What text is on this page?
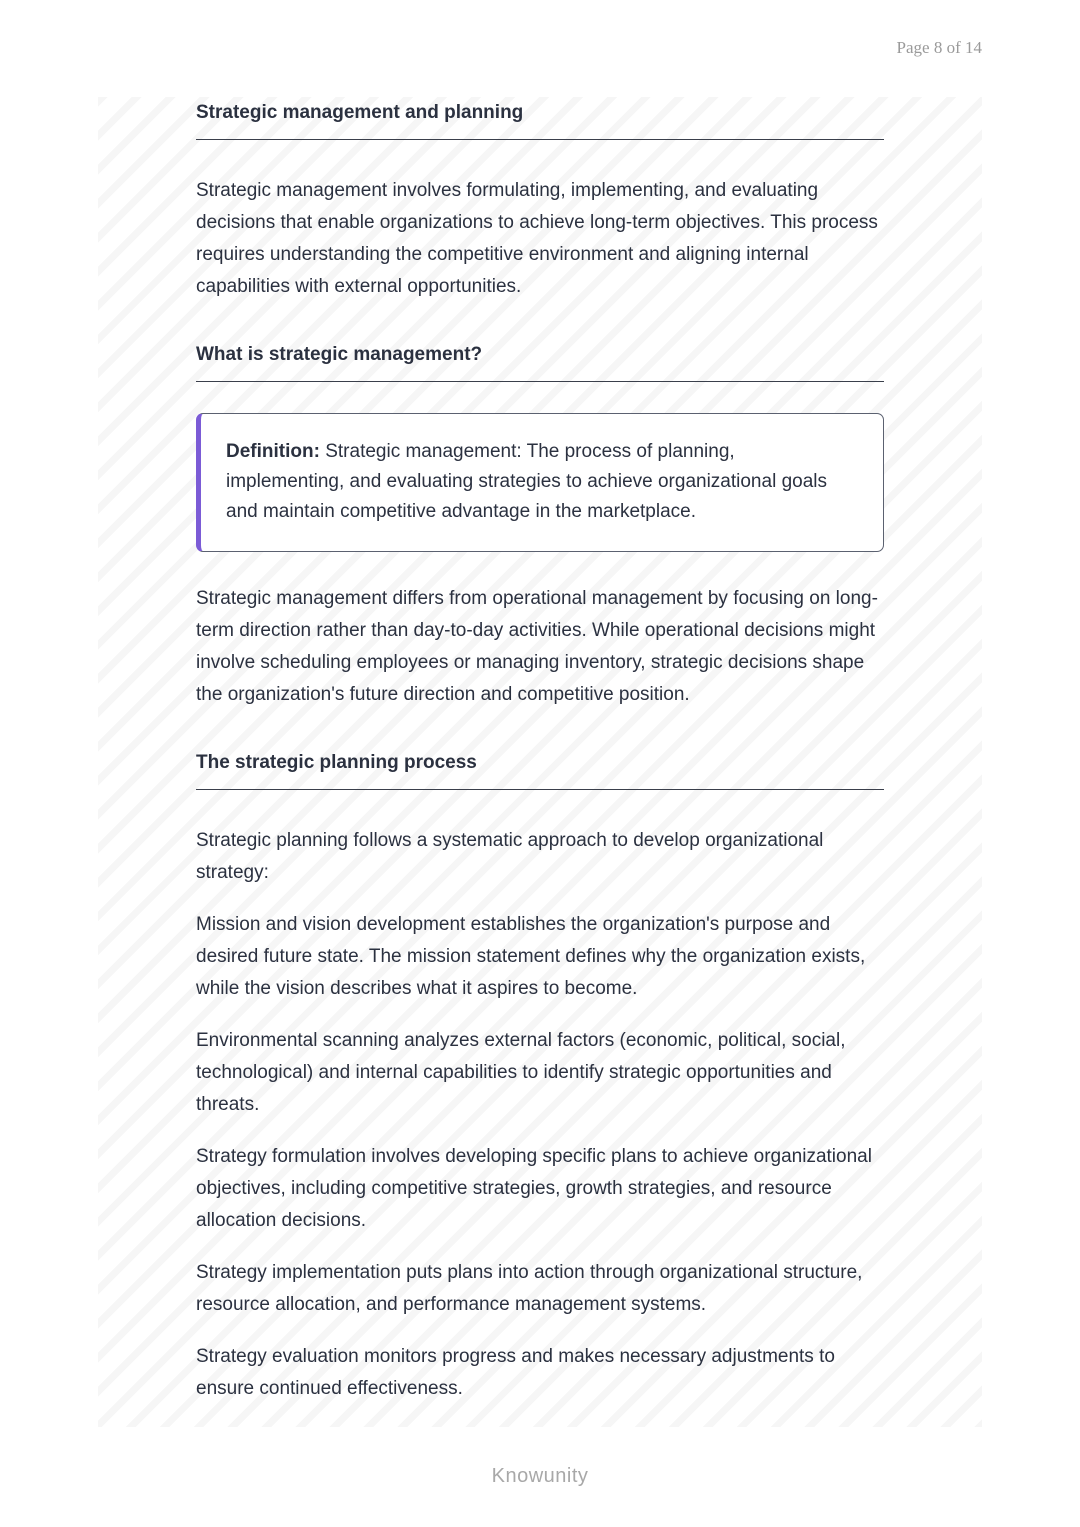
Page 8 of 14
Strategic management and planning

Strategic management involves formulating, implementing, and evaluating decisions that enable organizations to achieve long-term objectives. This process requires understanding the competitive environment and aligning internal capabilities with external opportunities.

What is strategic management?

Definition: Strategic management: The process of planning, implementing, and evaluating strategies to achieve organizational goals and maintain competitive advantage in the marketplace.

Strategic management differs from operational management by focusing on long-term direction rather than day-to-day activities. While operational decisions might involve scheduling employees or managing inventory, strategic decisions shape the organization's future direction and competitive position.

The strategic planning process

Strategic planning follows a systematic approach to develop organizational strategy:

Mission and vision development establishes the organization's purpose and desired future state. The mission statement defines why the organization exists, while the vision describes what it aspires to become.

Environmental scanning analyzes external factors (economic, political, social, technological) and internal capabilities to identify strategic opportunities and threats.

Strategy formulation involves developing specific plans to achieve organizational objectives, including competitive strategies, growth strategies, and resource allocation decisions.

Strategy implementation puts plans into action through organizational structure, resource allocation, and performance management systems.

Strategy evaluation monitors progress and makes necessary adjustments to ensure continued effectiveness.

Knowunity
